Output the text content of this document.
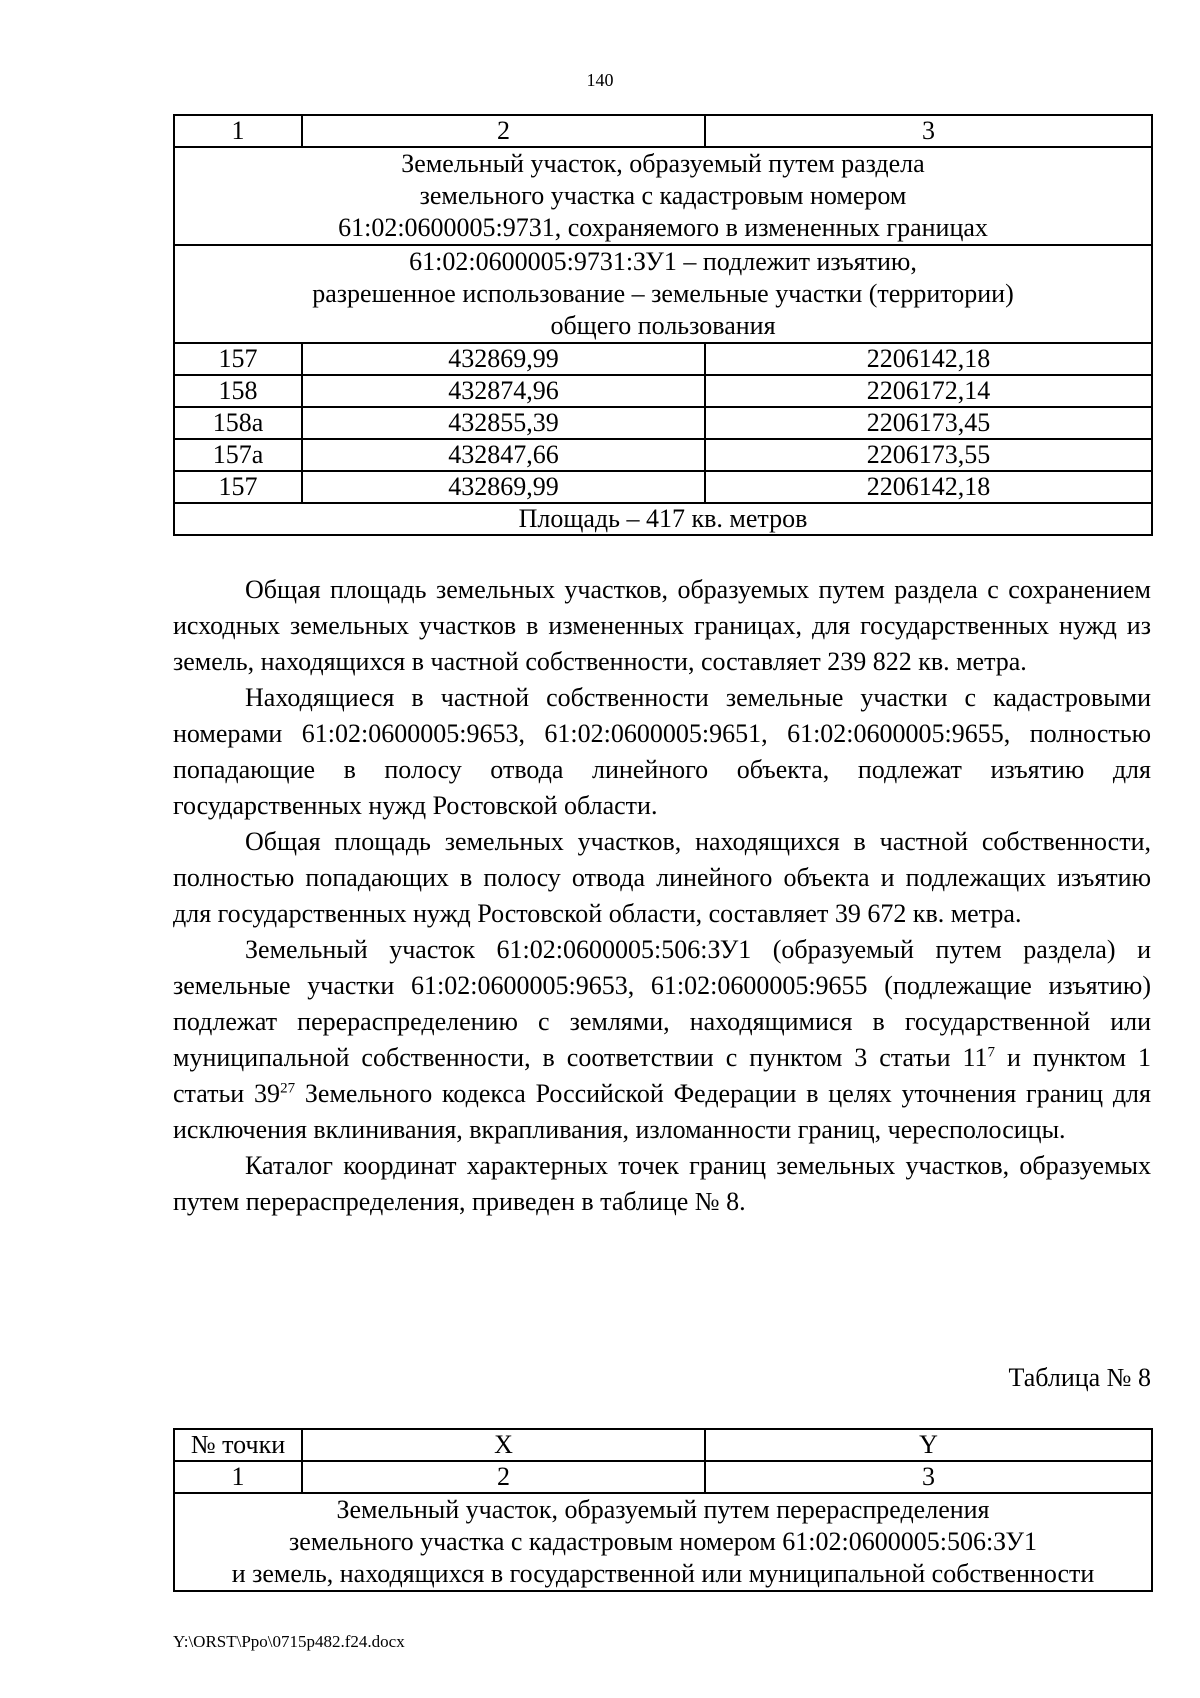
140
1	2	3
Земельный участок, образуемый путем раздела
земельного участка с кадастровым номером
61:02:0600005:9731, сохраняемого в измененных границах		
61:02:0600005:9731:ЗУ1 – подлежит изъятию,
разрешенное использование – земельные участки (территории)
общего пользования		
157	432869,99	2206142,18
158	432874,96	2206172,14
158а	432855,39	2206173,45
157а	432847,66	2206173,55
157	432869,99	2206142,18
Площадь – 417 кв. метров		

Общая площадь земельных участков, образуемых путем раздела с сохранением исходных земельных участков в измененных границах, для государственных нужд из земель, находящихся в частной собственности, составляет 239 822 кв. метра.

Находящиеся в частной собственности земельные участки с кадастровыми номерами 61:02:0600005:9653, 61:02:0600005:9651, 61:02:0600005:9655, полностью попадающие в полосу отвода линейного объекта, подлежат изъятию для государственных нужд Ростовской области.

Общая площадь земельных участков, находящихся в частной собственности, полностью попадающих в полосу отвода линейного объекта и подлежащих изъятию для государственных нужд Ростовской области, составляет 39 672 кв. метра.

Земельный участок 61:02:0600005:506:ЗУ1 (образуемый путем раздела) и земельные участки 61:02:0600005:9653, 61:02:0600005:9655 (подлежащие изъятию) подлежат перераспределению с землями, находящимися в государственной или муниципальной собственности, в соответствии с пунктом 3 статьи $11^7$ и пунктом 1 статьи $39^{27}$ Земельного кодекса Российской Федерации в целях уточнения границ для исключения вклинивания, вкрапливания, изломанности границ, чересполосицы.

Каталог координат характерных точек границ земельных участков, образуемых путем перераспределения, приведен в таблице № 8.

Таблица № 8
№ точки	X	Y
1	2	3
Земельный участок, образуемый путем перераспределения
земельного участка с кадастровым номером 61:02:0600005:506:ЗУ1
и земель, находящихся в государственной или муниципальной собственности		
Y:\ORST\Ppo\0715p482.f24.docx
